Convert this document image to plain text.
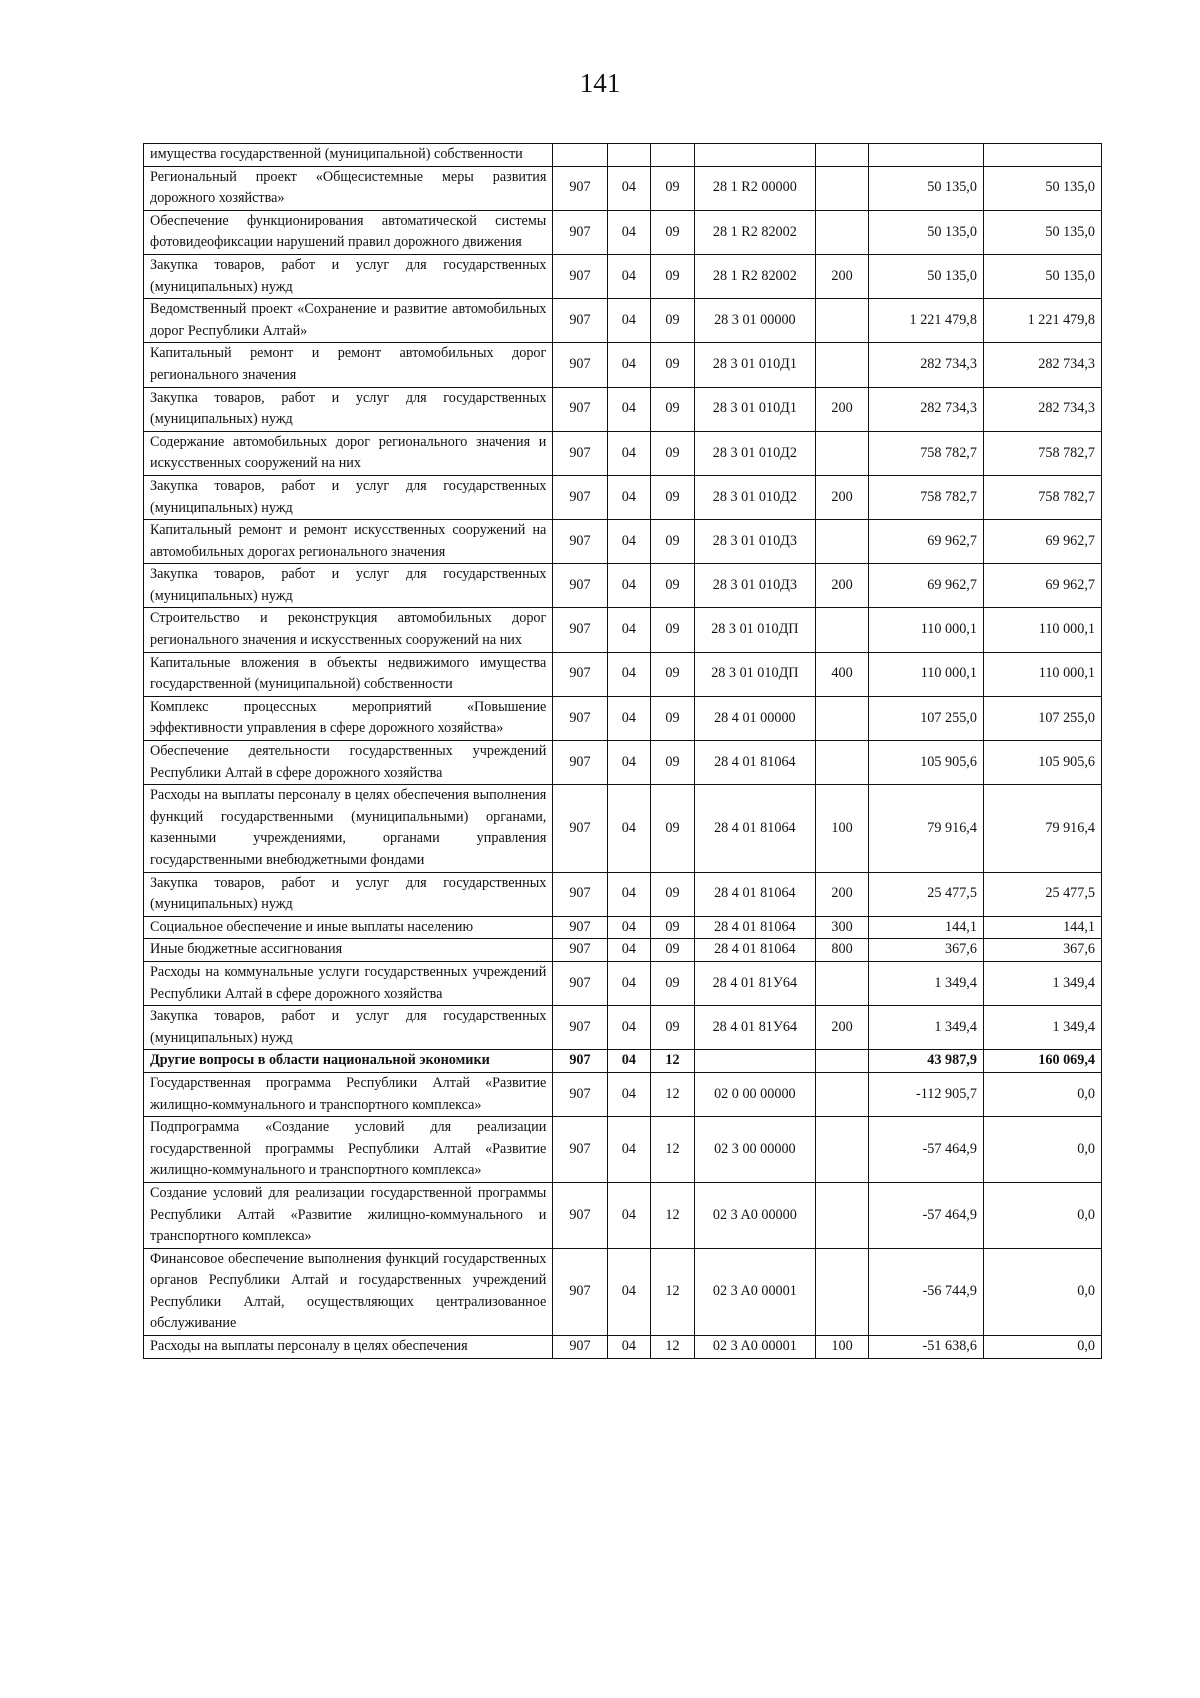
141
имущества государственной (муниципальной) собственности							
Региональный проект «Общесистемные меры развития дорожного хозяйства»	907	04	09	28 1 R2 00000		50 135,0	50 135,0
Обеспечение функционирования автоматической системы фотовидеофиксации нарушений правил дорожного движения	907	04	09	28 1 R2 82002		50 135,0	50 135,0
Закупка товаров, работ и услуг для государственных (муниципальных) нужд	907	04	09	28 1 R2 82002	200	50 135,0	50 135,0
Ведомственный проект «Сохранение и развитие автомобильных дорог Республики Алтай»	907	04	09	28 3 01 00000		1 221 479,8	1 221 479,8
Капитальный ремонт и ремонт автомобильных дорог регионального значения	907	04	09	28 3 01 010Д1		282 734,3	282 734,3
Закупка товаров, работ и услуг для государственных (муниципальных) нужд	907	04	09	28 3 01 010Д1	200	282 734,3	282 734,3
Содержание автомобильных дорог регионального значения и искусственных сооружений на них	907	04	09	28 3 01 010Д2		758 782,7	758 782,7
Закупка товаров, работ и услуг для государственных (муниципальных) нужд	907	04	09	28 3 01 010Д2	200	758 782,7	758 782,7
Капитальный ремонт и ремонт искусственных сооружений на автомобильных дорогах регионального значения	907	04	09	28 3 01 010Д3		69 962,7	69 962,7
Закупка товаров, работ и услуг для государственных (муниципальных) нужд	907	04	09	28 3 01 010Д3	200	69 962,7	69 962,7
Строительство и реконструкция автомобильных дорог регионального значения и искусственных сооружений на них	907	04	09	28 3 01 010ДП		110 000,1	110 000,1
Капитальные вложения в объекты недвижимого имущества государственной (муниципальной) собственности	907	04	09	28 3 01 010ДП	400	110 000,1	110 000,1
Комплекс процессных мероприятий «Повышение эффективности управления в сфере дорожного хозяйства»	907	04	09	28 4 01 00000		107 255,0	107 255,0
Обеспечение деятельности государственных учреждений Республики Алтай в сфере дорожного хозяйства	907	04	09	28 4 01 81064		105 905,6	105 905,6
Расходы на выплаты персоналу в целях обеспечения выполнения функций государственными (муниципальными) органами, казенными учреждениями, органами управления государственными внебюджетными фондами	907	04	09	28 4 01 81064	100	79 916,4	79 916,4
Закупка товаров, работ и услуг для государственных (муниципальных) нужд	907	04	09	28 4 01 81064	200	25 477,5	25 477,5
Социальное обеспечение и иные выплаты населению	907	04	09	28 4 01 81064	300	144,1	144,1
Иные бюджетные ассигнования	907	04	09	28 4 01 81064	800	367,6	367,6
Расходы на коммунальные услуги государственных учреждений Республики Алтай в сфере дорожного хозяйства	907	04	09	28 4 01 81У64		1 349,4	1 349,4
Закупка товаров, работ и услуг для государственных (муниципальных) нужд	907	04	09	28 4 01 81У64	200	1 349,4	1 349,4
Другие вопросы в области национальной экономики	907	04	12			43 987,9	160 069,4
Государственная программа Республики Алтай «Развитие жилищно-коммунального и транспортного комплекса»	907	04	12	02 0 00 00000		-112 905,7	0,0
Подпрограмма «Создание условий для реализации государственной программы Республики Алтай «Развитие жилищно-коммунального и транспортного комплекса»	907	04	12	02 3 00 00000		-57 464,9	0,0
Создание условий для реализации государственной программы Республики Алтай «Развитие жилищно-коммунального и транспортного комплекса»	907	04	12	02 3 A0 00000		-57 464,9	0,0
Финансовое обеспечение выполнения функций государственных органов Республики Алтай и государственных учреждений Республики Алтай, осуществляющих централизованное обслуживание	907	04	12	02 3 A0 00001		-56 744,9	0,0
Расходы на выплаты персоналу в целях обеспечения	907	04	12	02 3 A0 00001	100	-51 638,6	0,0
